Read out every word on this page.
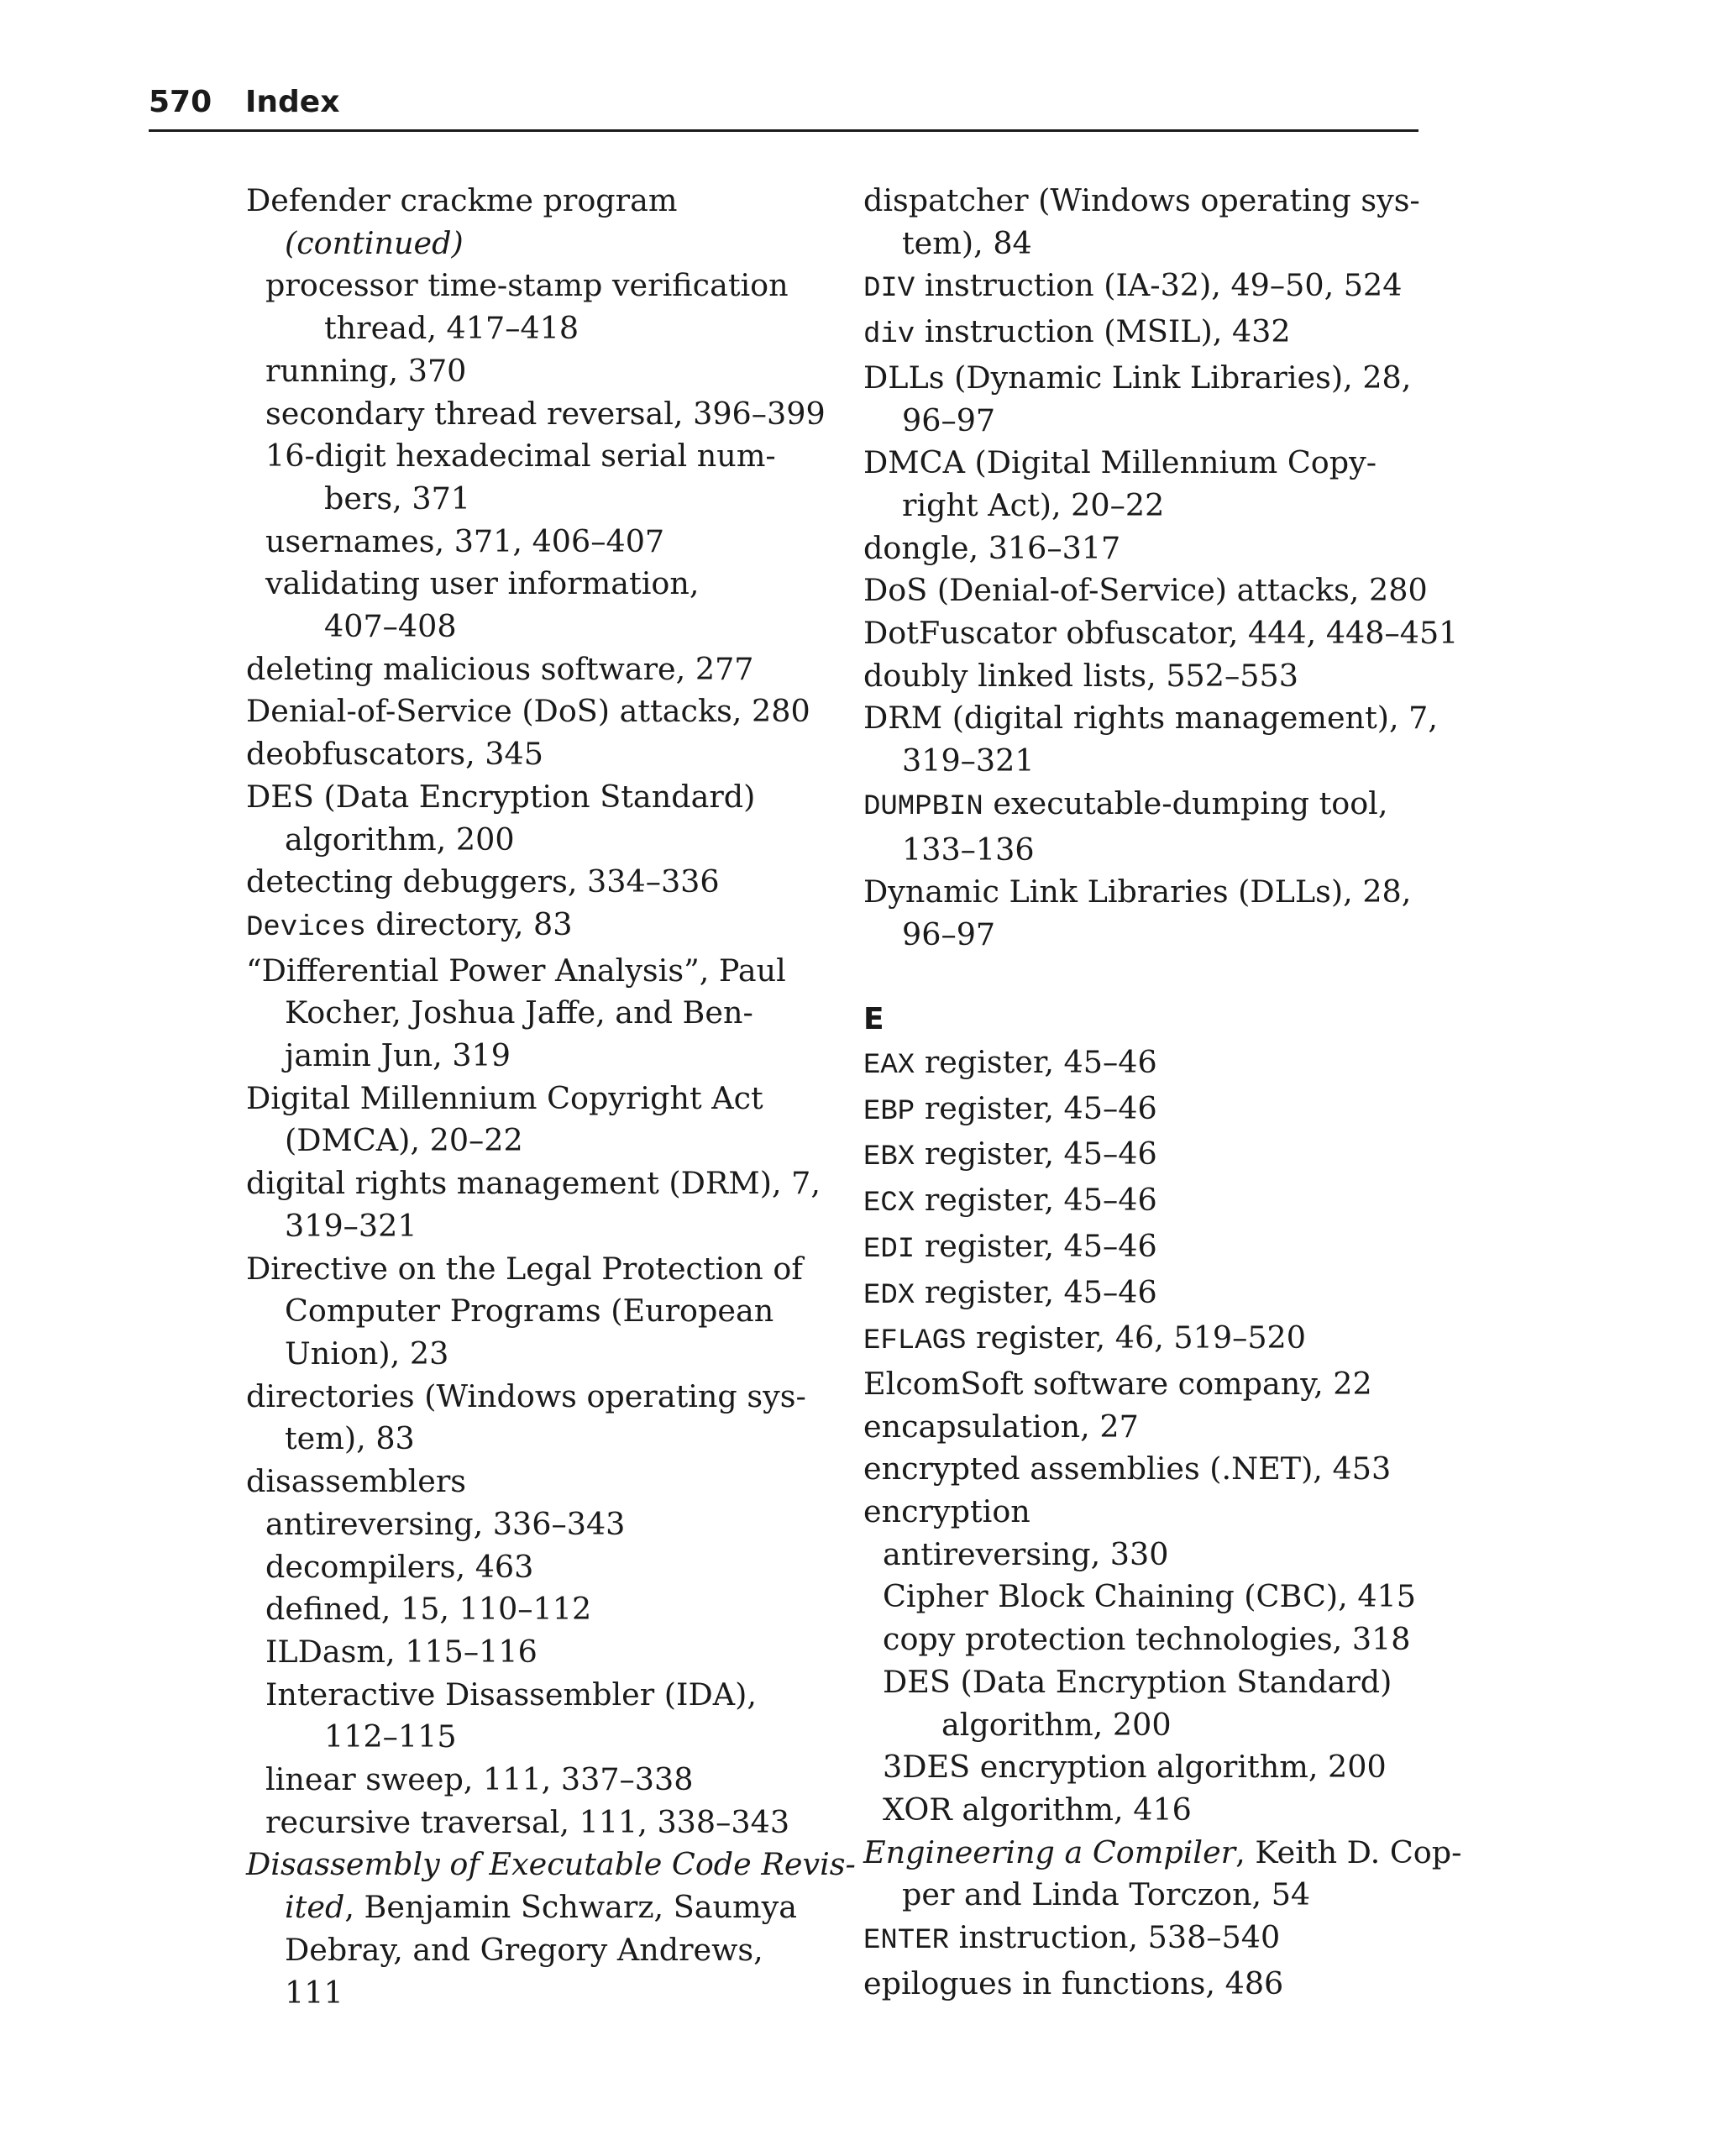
570 Index
Defender crackme program
(continued)
processor time-stamp verification
thread, 417–418
running, 370
secondary thread reversal, 396–399
16-digit hexadecimal serial num-
bers, 371
usernames, 371, 406–407
validating user information,
407–408
deleting malicious software, 277
Denial-of-Service (DoS) attacks, 280
deobfuscators, 345
DES (Data Encryption Standard)
algorithm, 200
detecting debuggers, 334–336
Devices directory, 83
“Differential Power Analysis”, Paul
Kocher, Joshua Jaffe, and Ben-
jamin Jun, 319
Digital Millennium Copyright Act
(DMCA), 20–22
digital rights management (DRM), 7,
319–321
Directive on the Legal Protection of
Computer Programs (European
Union), 23
directories (Windows operating sys-
tem), 83
disassemblers
antireversing, 336–343
decompilers, 463
defined, 15, 110–112
ILDasm, 115–116
Interactive Disassembler (IDA),
112–115
linear sweep, 111, 337–338
recursive traversal, 111, 338–343
Disassembly of Executable Code Revis-
ited, Benjamin Schwarz, Saumya
Debray, and Gregory Andrews,
111
dispatcher (Windows operating sys-
tem), 84
DIV instruction (IA-32), 49–50, 524
div instruction (MSIL), 432
DLLs (Dynamic Link Libraries), 28,
96–97
DMCA (Digital Millennium Copy-
right Act), 20–22
dongle, 316–317
DoS (Denial-of-Service) attacks, 280
DotFuscator obfuscator, 444, 448–451
doubly linked lists, 552–553
DRM (digital rights management), 7,
319–321
DUMPBIN executable-dumping tool,
133–136
Dynamic Link Libraries (DLLs), 28,
96–97
E
EAX register, 45–46
EBP register, 45–46
EBX register, 45–46
ECX register, 45–46
EDI register, 45–46
EDX register, 45–46
EFLAGS register, 46, 519–520
ElcomSoft software company, 22
encapsulation, 27
encrypted assemblies (.NET), 453
encryption
antireversing, 330
Cipher Block Chaining (CBC), 415
copy protection technologies, 318
DES (Data Encryption Standard)
algorithm, 200
3DES encryption algorithm, 200
XOR algorithm, 416
Engineering a Compiler, Keith D. Cop-
per and Linda Torczon, 54
ENTER instruction, 538–540
epilogues in functions, 486
